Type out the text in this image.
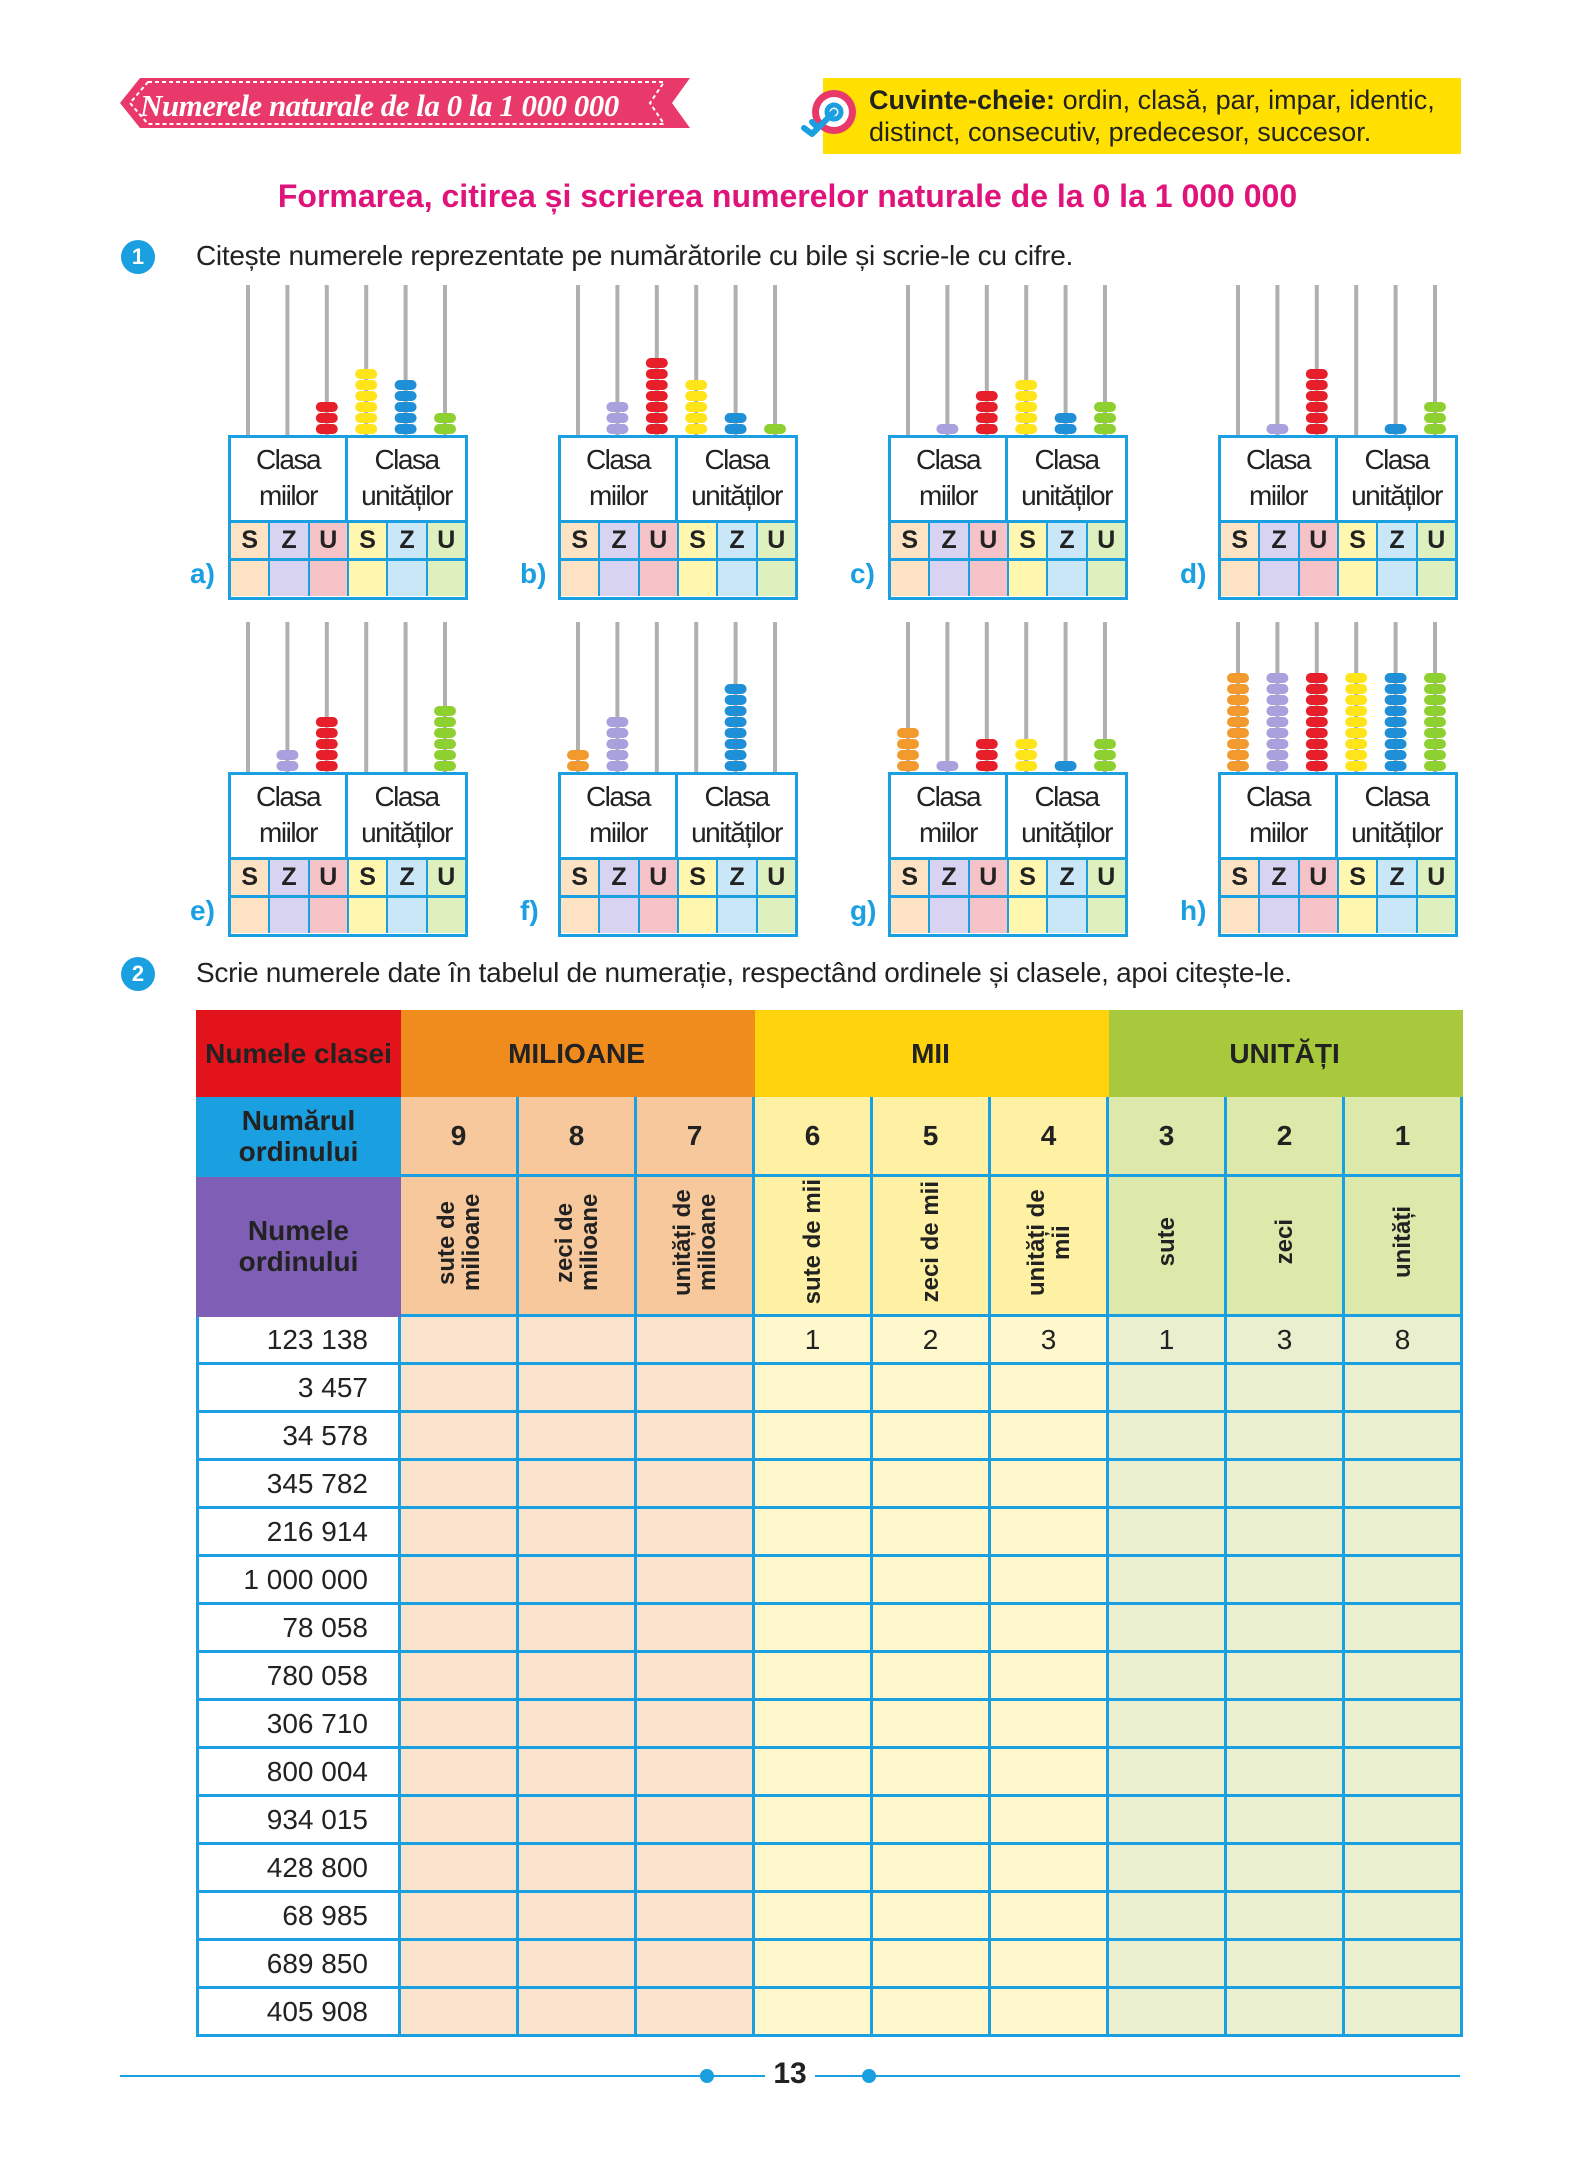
Numerele naturale de la 0 la 1 000 000	Cuvinte-cheie: ordin, clasă, par, impar, identic,
distinct, consecutiv, predecesor, succesor.
Formarea, citirea și scrierea numerelor naturale de la 0 la 1 000 000
1	Citește numerele reprezentate pe numărătorile cu bile și scrie-le cu cifre.
Clasa
miilor
Clasa
unităților
S Z U S Z U
a)
Clasa
miilor
Clasa
unităților
S Z U S Z U
b)
Clasa
miilor
Clasa
unităților
S Z U S Z U
c)
Clasa
miilor
Clasa
unităților
S Z U S Z U
d)
Clasa
miilor
Clasa
unităților
S Z U S Z U
e)
Clasa
miilor
Clasa
unităților
S Z U S Z U
f)
Clasa
miilor
Clasa
unităților
S Z U S Z U
g)
Clasa
miilor
Clasa
unităților
S Z U S Z U
h)
2	Scrie numerele date în tabelul de numerație, respectând ordinele și clasele, apoi citește-le.
Numele clasei	MILIOANE			MII			UNITĂȚI		
Numărul ordinului	9	8	7	6	5	4	3	2	1
Numele ordinului	sute de milioane	zeci de milioane	unități de milioane	sute de mii	zeci de mii	unități de mii	sute	zeci	unități
123 138				1	2	3	1	3	8
3 457									
34 578									
345 782									
216 914									
1 000 000									
78 058									
780 058									
306 710									
800 004									
934 015									
428 800									
68 985									
689 850									
405 908									
13
